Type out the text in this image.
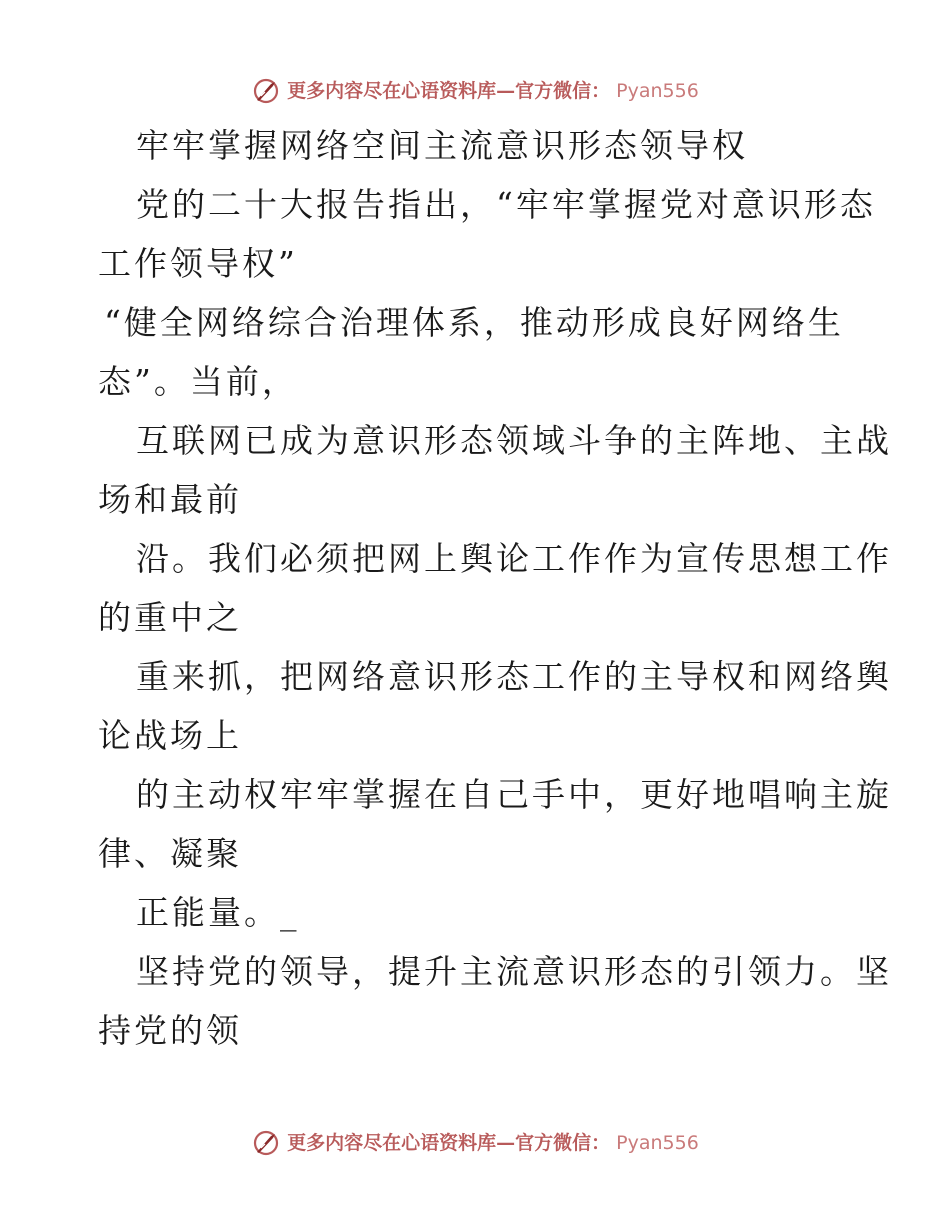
更多内容尽在心语资料库—官方微信： Pyan556
牢牢掌握网络空间主流意识形态领导权
党的二十大报告指出，“牢牢掌握党对意识形态
工作领导权”
“健全网络综合治理体系，推动形成良好网络生
态”。当前，
互联网已成为意识形态领域斗争的主阵地、主战
场和最前
沿。我们必须把网上舆论工作作为宣传思想工作
的重中之
重来抓，把网络意识形态工作的主导权和网络舆
论战场上
的主动权牢牢掌握在自己手中，更好地唱响主旋
律、凝聚
正能量。_
坚持党的领导，提升主流意识形态的引领力。坚
持党的领
更多内容尽在心语资料库—官方微信： Pyan556
